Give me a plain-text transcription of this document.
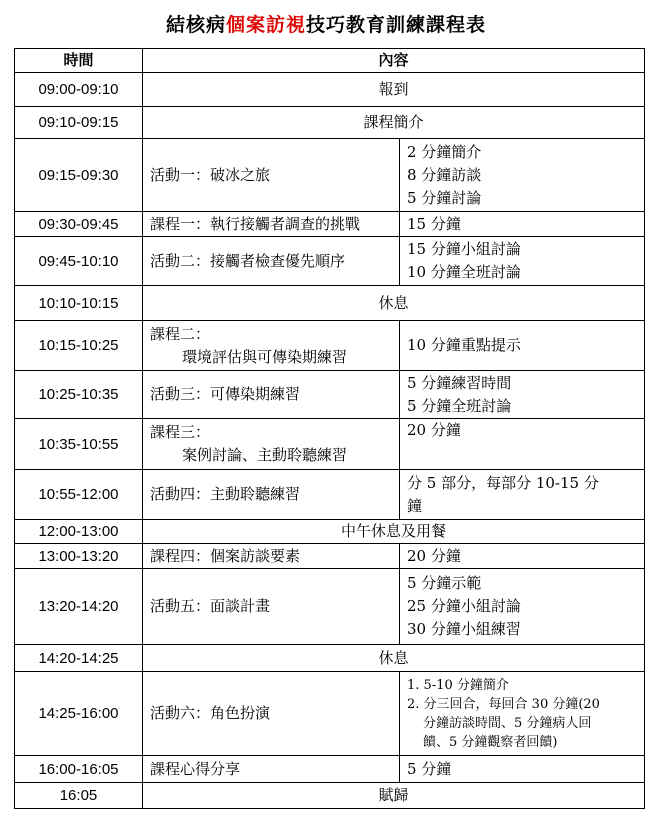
結核病個案訪視技巧教育訓練課程表
時間	內容	
09:00-09:10	報到	
09:10-09:15	課程簡介	
09:15-09:30	活動一：破冰之旅	2 分鐘簡介
8 分鐘訪談
5 分鐘討論

09:30-09:45	課程一：執行接觸者調查的挑戰	15 分鐘

09:45-10:10	活動二：接觸者檢查優先順序	15 分鐘小組討論
10 分鐘全班討論

10:10-10:15	休息	
10:15-10:25	課程二：
環境評估與可傳染期練習	10 分鐘重點提示

10:25-10:35	活動三：可傳染期練習	5 分鐘練習時間
5 分鐘全班討論

10:35-10:55	課程三：
案例討論、主動聆聽練習	20 分鐘

10:55-12:00	活動四：主動聆聽練習	分 5 部分，每部分 10-15 分
鐘

12:00-13:00	中午休息及用餐	
13:00-13:20	課程四：個案訪談要素	20 分鐘

13:20-14:20	活動五：面談計畫	5 分鐘示範
25 分鐘小組討論
30 分鐘小組練習

14:20-14:25	休息	
14:25-16:00	活動六：角色扮演	1. 5-10 分鐘簡介
2. 分三回合，每回合 30 分鐘(20
分鐘訪談時間、5 分鐘病人回
饋、5 分鐘觀察者回饋)

16:00-16:05	課程心得分享	5 分鐘

16:05	賦歸	
